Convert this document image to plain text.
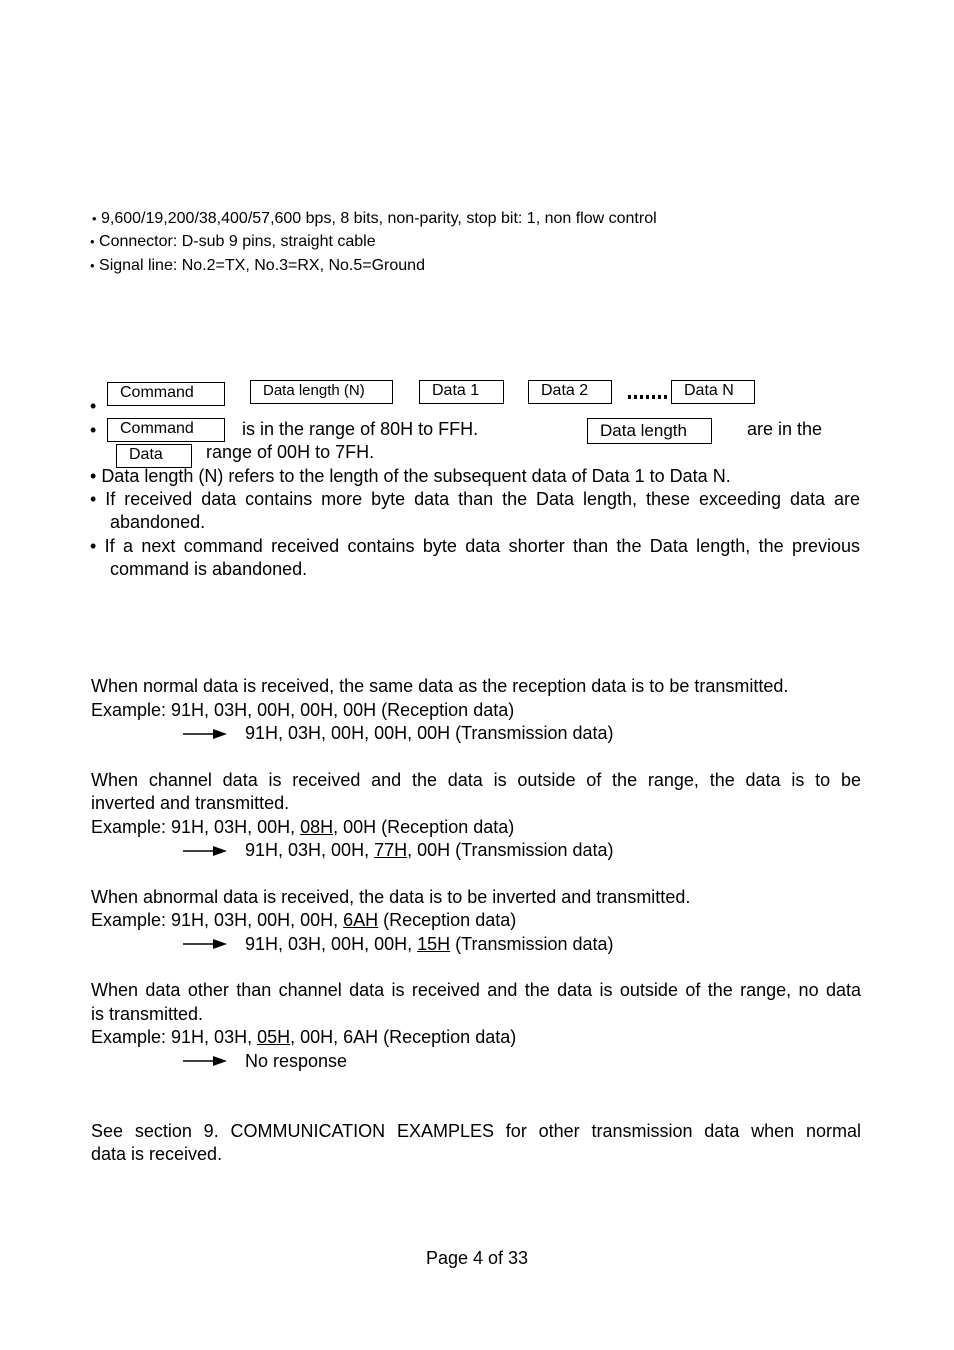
• 9,600/19,200/38,400/57,600 bps, 8 bits, non-parity, stop bit: 1, non flow control
• Connector: D-sub 9 pins, straight cable
• Signal line: No.2=TX, No.3=RX, No.5=Ground
•
Command	Data length (N)	Data 1	Data 2	Data N
•	Command	is in the range of 80H to FFH.	Data length	are in the
Data	range of 00H to 7FH.
• Data length (N) refers to the length of the subsequent data of Data 1 to Data N.
• If received data contains more byte data than the Data length, these exceeding data are
abandoned.
• If a next command received contains byte data shorter than the Data length, the previous
command is abandoned.
When normal data is received, the same data as the reception data is to be transmitted.
Example: 91H, 03H, 00H, 00H, 00H (Reception data)
91H, 03H, 00H, 00H, 00H (Transmission data)
When channel data is received and the data is outside of the range, the data is to be
inverted and transmitted.
Example: 91H, 03H, 00H, 08H, 00H (Reception data)
91H, 03H, 00H, 77H, 00H (Transmission data)
When abnormal data is received, the data is to be inverted and transmitted.
Example: 91H, 03H, 00H, 00H, 6AH (Reception data)
91H, 03H, 00H, 00H, 15H (Transmission data)
When data other than channel data is received and the data is outside of the range, no data
is transmitted.
Example: 91H, 03H, 05H, 00H, 6AH (Reception data)
No response
See section 9. COMMUNICATION EXAMPLES for other transmission data when normal
data is received.
Page 4 of 33
